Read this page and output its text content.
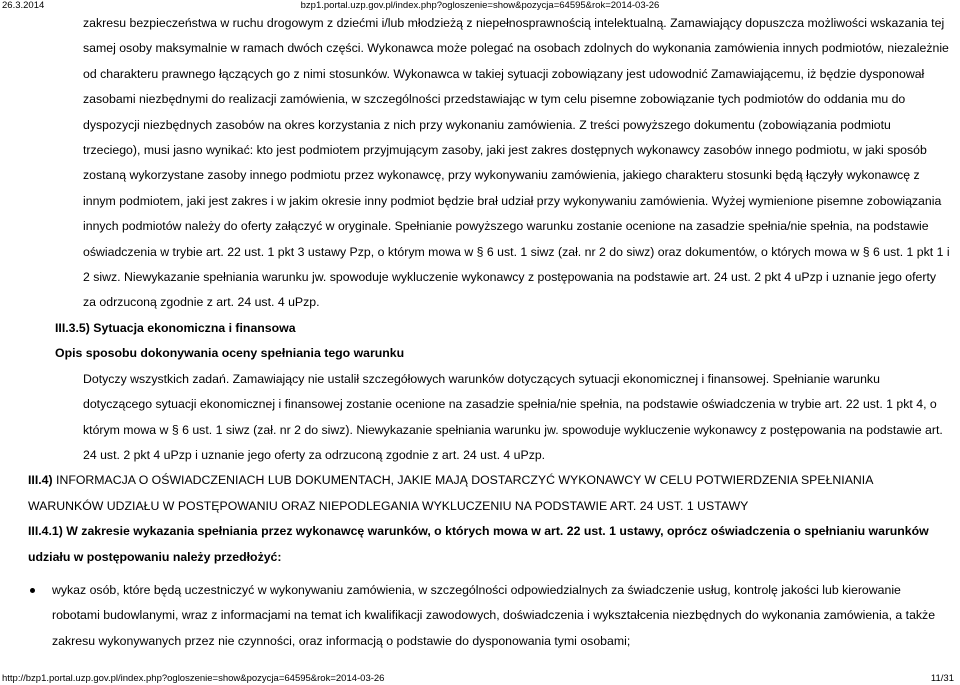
26.3.2014	bzp1.portal.uzp.gov.pl/index.php?ogloszenie=show&pozycja=64595&rok=2014-03-26

zakresu bezpieczeństwa w ruchu drogowym z dziećmi i/lub młodzieżą z niepełnosprawnością intelektualną. Zamawiający dopuszcza możliwości wskazania tej samej osoby maksymalnie w ramach dwóch części. Wykonawca może polegać na osobach zdolnych do wykonania zamówienia innych podmiotów, niezależnie od charakteru prawnego łączących go z nimi stosunków. Wykonawca w takiej sytuacji zobowiązany jest udowodnić Zamawiającemu, iż będzie dysponował zasobami niezbędnymi do realizacji zamówienia, w szczególności przedstawiając w tym celu pisemne zobowiązanie tych podmiotów do oddania mu do dyspozycji niezbędnych zasobów na okres korzystania z nich przy wykonaniu zamówienia. Z treści powyższego dokumentu (zobowiązania podmiotu trzeciego), musi jasno wynikać: kto jest podmiotem przyjmującym zasoby, jaki jest zakres dostępnych wykonawcy zasobów innego podmiotu, w jaki sposób zostaną wykorzystane zasoby innego podmiotu przez wykonawcę, przy wykonywaniu zamówienia, jakiego charakteru stosunki będą łączyły wykonawcę z innym podmiotem, jaki jest zakres i w jakim okresie inny podmiot będzie brał udział przy wykonywaniu zamówienia. Wyżej wymienione pisemne zobowiązania innych podmiotów należy do oferty załączyć w oryginale. Spełnianie powyższego warunku zostanie ocenione na zasadzie spełnia/nie spełnia, na podstawie oświadczenia w trybie art. 22 ust. 1 pkt 3 ustawy Pzp, o którym mowa w § 6 ust. 1 siwz (zał. nr 2 do siwz) oraz dokumentów, o których mowa w § 6 ust. 1 pkt 1 i 2 siwz. Niewykazanie spełniania warunku jw. spowoduje wykluczenie wykonawcy z postępowania na podstawie art. 24 ust. 2 pkt 4 uPzp i uznanie jego oferty za odrzuconą zgodnie z art. 24 ust. 4 uPzp.

III.3.5) Sytuacja ekonomiczna i finansowa

Opis sposobu dokonywania oceny spełniania tego warunku

Dotyczy wszystkich zadań. Zamawiający nie ustalił szczegółowych warunków dotyczących sytuacji ekonomicznej i finansowej. Spełnianie warunku dotyczącego sytuacji ekonomicznej i finansowej zostanie ocenione na zasadzie spełnia/nie spełnia, na podstawie oświadczenia w trybie art. 22 ust. 1 pkt 4, o którym mowa w § 6 ust. 1 siwz (zał. nr 2 do siwz). Niewykazanie spełniania warunku jw. spowoduje wykluczenie wykonawcy z postępowania na podstawie art. 24 ust. 2 pkt 4 uPzp i uznanie jego oferty za odrzuconą zgodnie z art. 24 ust. 4 uPzp.

III.4) INFORMACJA O OŚWIADCZENIACH LUB DOKUMENTACH, JAKIE MAJĄ DOSTARCZYĆ WYKONAWCY W CELU POTWIERDZENIA SPEŁNIANIA WARUNKÓW UDZIAŁU W POSTĘPOWANIU ORAZ NIEPODLEGANIA WYKLUCZENIU NA PODSTAWIE ART. 24 UST. 1 USTAWY

III.4.1) W zakresie wykazania spełniania przez wykonawcę warunków, o których mowa w art. 22 ust. 1 ustawy, oprócz oświadczenia o spełnianiu warunków udziału w postępowaniu należy przedłożyć:

wykaz osób, które będą uczestniczyć w wykonywaniu zamówienia, w szczególności odpowiedzialnych za świadczenie usług, kontrolę jakości lub kierowanie robotami budowlanymi, wraz z informacjami na temat ich kwalifikacji zawodowych, doświadczenia i wykształcenia niezbędnych do wykonania zamówienia, a także zakresu wykonywanych przez nie czynności, oraz informacją o podstawie do dysponowania tymi osobami;
http://bzp1.portal.uzp.gov.pl/index.php?ogloszenie=show&pozycja=64595&rok=2014-03-26	11/31
